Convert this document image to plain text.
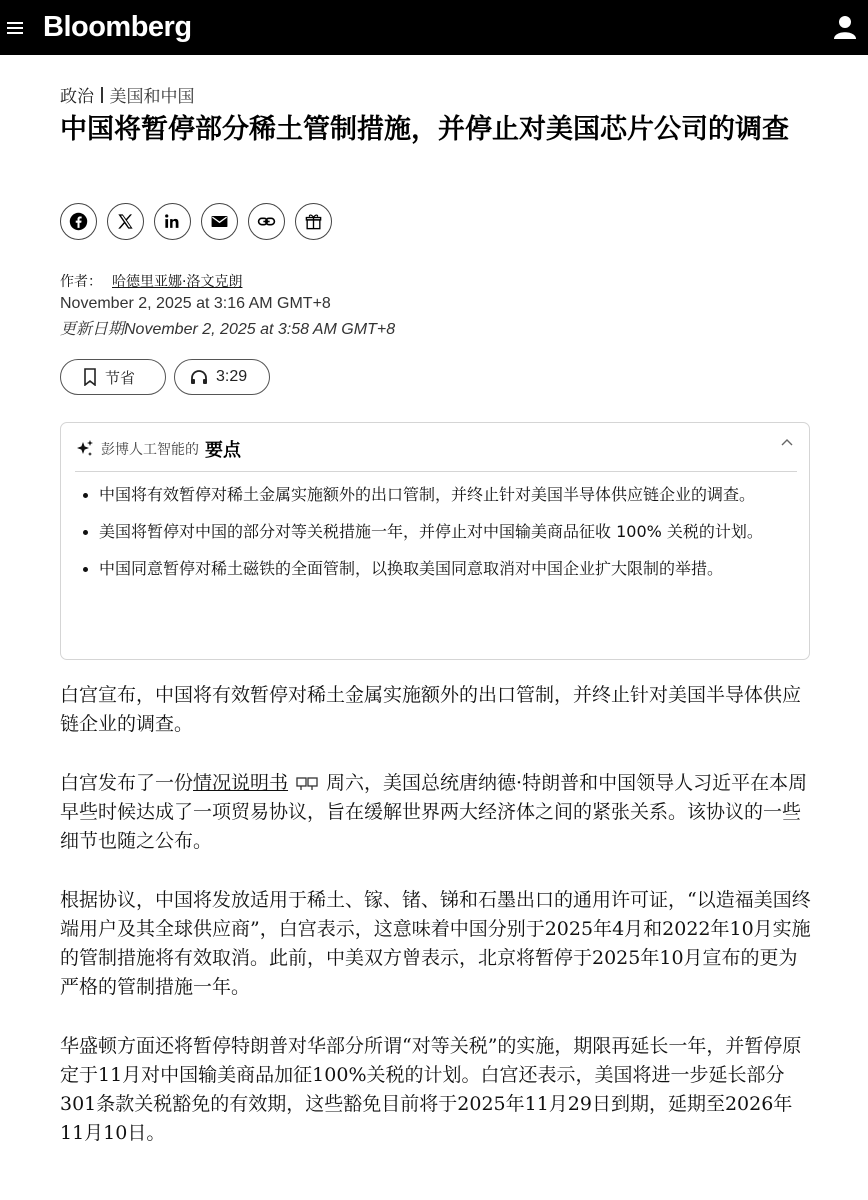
Bloomberg
政治 美国和中国
中国将暂停部分稀土管制措施，并停止对美国芯片公司的调查
作者： 哈德里亚娜·洛文克朗
November 2, 2025 at 3:16 AM GMT+8
更新日期November 2, 2025 at 3:58 AM GMT+8
节省	3:29
彭博人工智能的 要点
中国将有效暂停对稀土金属实施额外的出口管制，并终止针对美国半导体供应链企业的调查。
美国将暂停对中国的部分对等关税措施一年，并停止对中国输美商品征收 100% 关税的计划。
中国同意暂停对稀土磁铁的全面管制，以换取美国同意取消对中国企业扩大限制的举措。

白宫宣布，中国将有效暂停对稀土金属实施额外的出口管制，并终止针对美国半导体供应链企业的调查。

白宫发布了一份情况说明书 周六，美国总统唐纳德·特朗普和中国领导人习近平在本周早些时候达成了一项贸易协议，旨在缓解世界两大经济体之间的紧张关系。该协议的一些细节也随之公布。

根据协议，中国将发放适用于稀土、镓、锗、锑和石墨出口的通用许可证，“以造福美国终端用户及其全球供应商”，白宫表示，这意味着中国分别于2025年4月和2022年10月实施的管制措施将有效取消。此前，中美双方曾表示，北京将暂停于2025年10月宣布的更为严格的管制措施一年。

华盛顿方面还将暂停特朗普对华部分所谓“对等关税”的实施，期限再延长一年，并暂停原定于11月对中国输美商品加征100%关税的计划。白宫还表示，美国将进一步延长部分301条款关税豁免的有效期，这些豁免目前将于2025年11月29日到期，延期至2026年11月10日。
